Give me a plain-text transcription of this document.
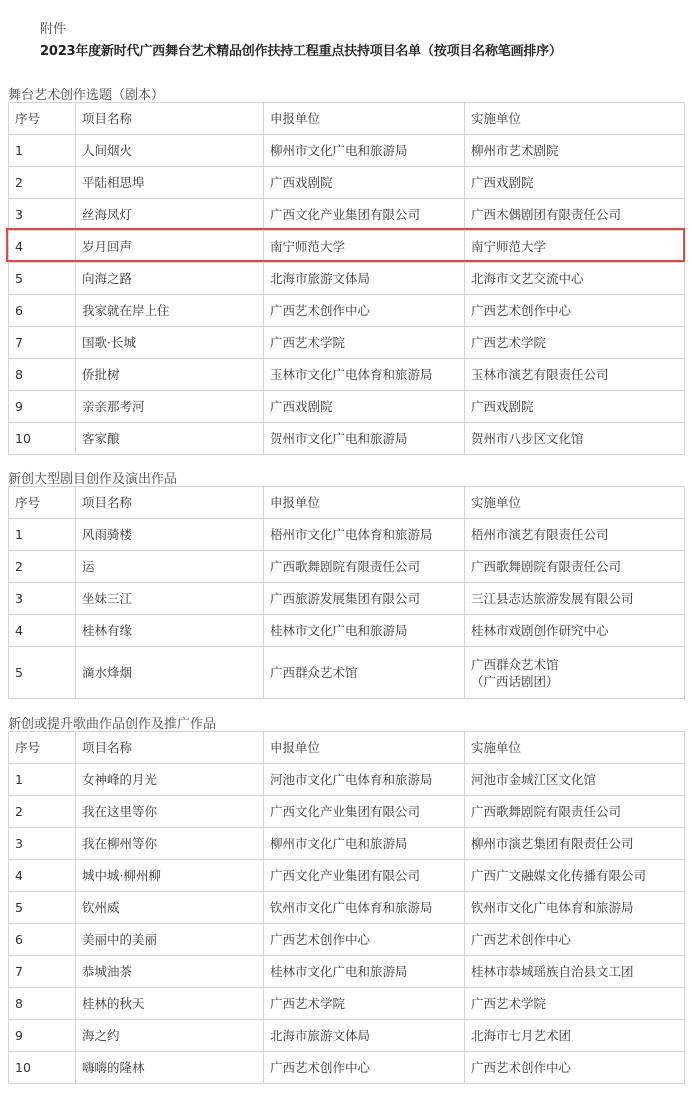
附件
2023年度新时代广西舞台艺术精品创作扶持工程重点扶持项目名单（按项目名称笔画排序）
舞台艺术创作选题（剧本）
序号	项目名称	申报单位	实施单位
1	人间烟火	柳州市文化广电和旅游局	柳州市艺术剧院
2	平陆相思埠	广西戏剧院	广西戏剧院
3	丝海凤灯	广西文化产业集团有限公司	广西木偶剧团有限责任公司
4	岁月回声	南宁师范大学	南宁师范大学
5	向海之路	北海市旅游文体局	北海市文艺交流中心
6	我家就在岸上住	广西艺术创作中心	广西艺术创作中心
7	国歌·长城	广西艺术学院	广西艺术学院
8	侨批树	玉林市文化广电体育和旅游局	玉林市演艺有限责任公司
9	亲亲那考河	广西戏剧院	广西戏剧院
10	客家酿	贺州市文化广电和旅游局	贺州市八步区文化馆
新创大型剧目创作及演出作品
序号	项目名称	申报单位	实施单位
1	风雨骑楼	梧州市文化广电体育和旅游局	梧州市演艺有限责任公司
2	运	广西歌舞剧院有限责任公司	广西歌舞剧院有限责任公司
3	坐妹三江	广西旅游发展集团有限公司	三江县志达旅游发展有限公司
4	桂林有缘	桂林市文化广电和旅游局	桂林市戏剧创作研究中心
5	滴水烽烟	广西群众艺术馆	广西群众艺术馆
（广西话剧团）
新创或提升歌曲作品创作及推广作品
序号	项目名称	申报单位	实施单位
1	女神峰的月光	河池市文化广电体育和旅游局	河池市金城江区文化馆
2	我在这里等你	广西文化产业集团有限公司	广西歌舞剧院有限责任公司
3	我在柳州等你	柳州市文化广电和旅游局	柳州市演艺集团有限责任公司
4	城中城·柳州柳	广西文化产业集团有限公司	广西广文融媒文化传播有限公司
5	钦州威	钦州市文化广电体育和旅游局	钦州市文化广电体育和旅游局
6	美丽中的美丽	广西艺术创作中心	广西艺术创作中心
7	恭城油茶	桂林市文化广电和旅游局	桂林市恭城瑶族自治县文工团
8	桂林的秋天	广西艺术学院	广西艺术学院
9	海之约	北海市旅游文体局	北海市七月艺术团
10	嗨嗨的隆林	广西艺术创作中心	广西艺术创作中心
